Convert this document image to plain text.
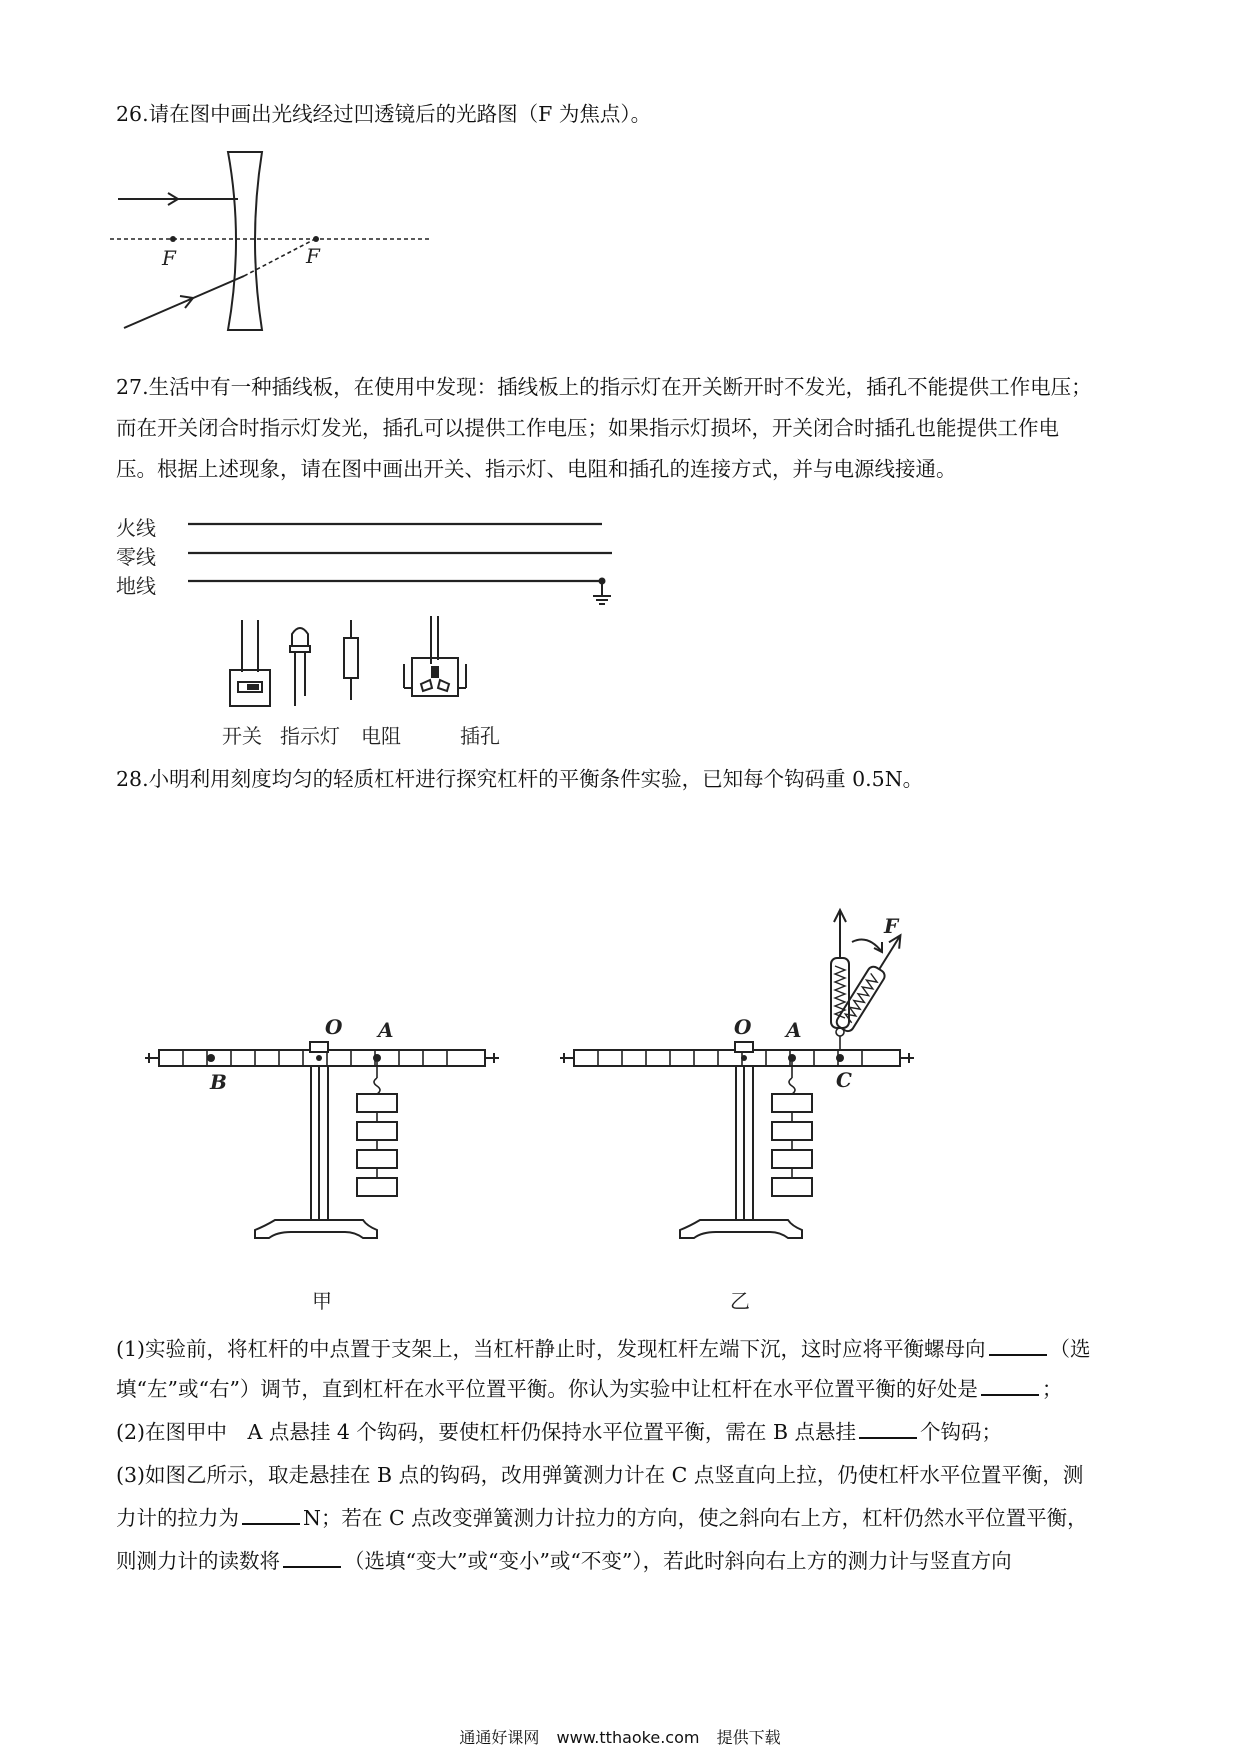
26.请在图中画出光线经过凹透镜后的光路图（F 为焦点）。
F	F
27.生活中有一种插线板，在使用中发现：插线板上的指示灯在开关断开时不发光，插孔不能提供工作电压；
而在开关闭合时指示灯发光，插孔可以提供工作电压；如果指示灯损坏，开关闭合时插孔也能提供工作电
压。根据上述现象，请在图中画出开关、指示灯、电阻和插孔的连接方式，并与电源线接通。
火线
零线
地线
开关 指示灯 电阻	插孔
28.小明利用刻度均匀的轻质杠杆进行探究杠杆的平衡条件实验，已知每个钩码重 0.5N。
O A
B
甲
O A
C
F
乙
(1)实验前，将杠杆的中点置于支架上，当杠杆静止时，发现杠杆左端下沉，这时应将平衡螺母向	（选
填“左”或“右”）调节，直到杠杆在水平位置平衡。你认为实验中让杠杆在水平位置平衡的好处是	；
(2)在图甲中　A 点悬挂 4 个钩码，要使杠杆仍保持水平位置平衡，需在 B 点悬挂	个钩码；
(3)如图乙所示，取走悬挂在 B 点的钩码，改用弹簧测力计在 C 点竖直向上拉，仍使杠杆水平位置平衡，测
力计的拉力为	N；若在 C 点改变弹簧测力计拉力的方向，使之斜向右上方，杠杆仍然水平位置平衡，
则测力计的读数将	（选填“变大”或“变小”或“不变”），若此时斜向右上方的测力计与竖直方向
通通好课网 www.tthaoke.com 提供下载
